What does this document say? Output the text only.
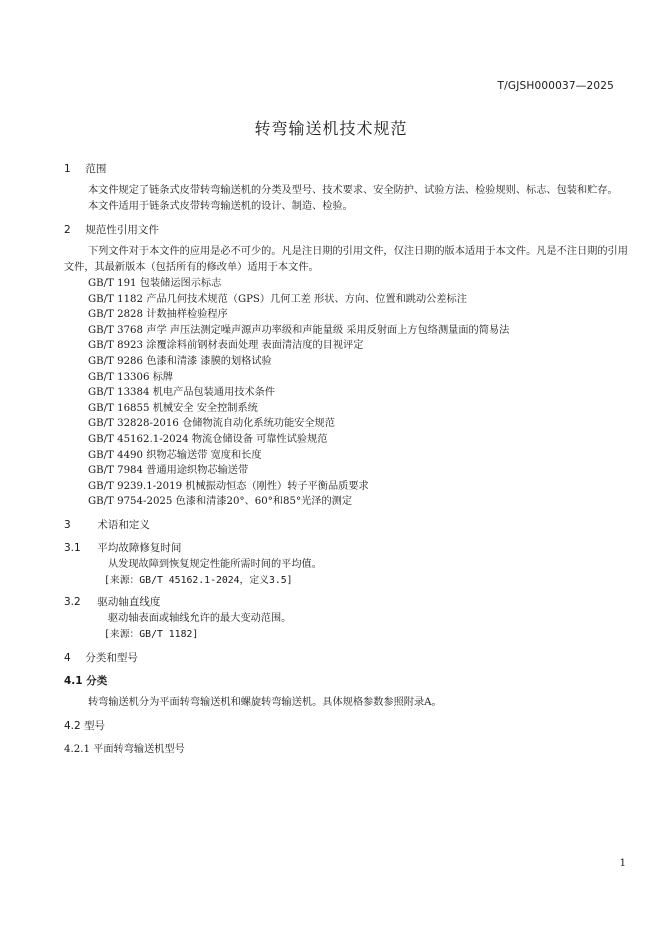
T/GJSH000037—2025
转弯输送机技术规范
1 范围

本文件规定了链条式皮带转弯输送机的分类及型号、技术要求、安全防护、试验方法、检验规则、标志、包装和贮存。

本文件适用于链条式皮带转弯输送机的设计、制造、检验。

2 规范性引用文件

下列文件对于本文件的应用是必不可少的。凡是注日期的引用文件，仅注日期的版本适用于本文件。凡是不注日期的引用文件，其最新版本（包括所有的修改单）适用于本文件。

GB/T 191 包装储运图示标志

GB/T 1182 产品几何技术规范（GPS）几何工差 形状、方向、位置和跳动公差标注

GB/T 2828 计数抽样检验程序

GB/T 3768 声学 声压法测定噪声源声功率级和声能量级 采用反射面上方包络测量面的简易法

GB/T 8923 涂覆涂料前钢材表面处理 表面清洁度的目视评定

GB/T 9286 色漆和清漆 漆膜的划格试验

GB/T 13306 标牌

GB/T 13384 机电产品包装通用技术条件

GB/T 16855 机械安全 安全控制系统

GB/T 32828-2016 仓储物流自动化系统功能安全规范

GB/T 45162.1-2024 物流仓储设备 可靠性试验规范

GB/T 4490 织物芯输送带 宽度和长度

GB/T 7984 普通用途织物芯输送带

GB/T 9239.1-2019 机械振动恒态（刚性）转子平衡品质要求

GB/T 9754-2025 色漆和清漆20°、60°和85°光泽的测定

3	术语和定义
3.1 平均故障修复时间

从发现故障到恢复规定性能所需时间的平均值。

[来源：GB/T 45162.1-2024，定义3.5]

3.2 驱动轴直线度

驱动轴表面或轴线允许的最大变动范围。

[来源：GB/T 1182]

4 分类和型号
4.1 分类

转弯输送机分为平面转弯输送机和螺旋转弯输送机。具体规格参数参照附录A。

4.2 型号
4.2.1 平面转弯输送机型号
1
